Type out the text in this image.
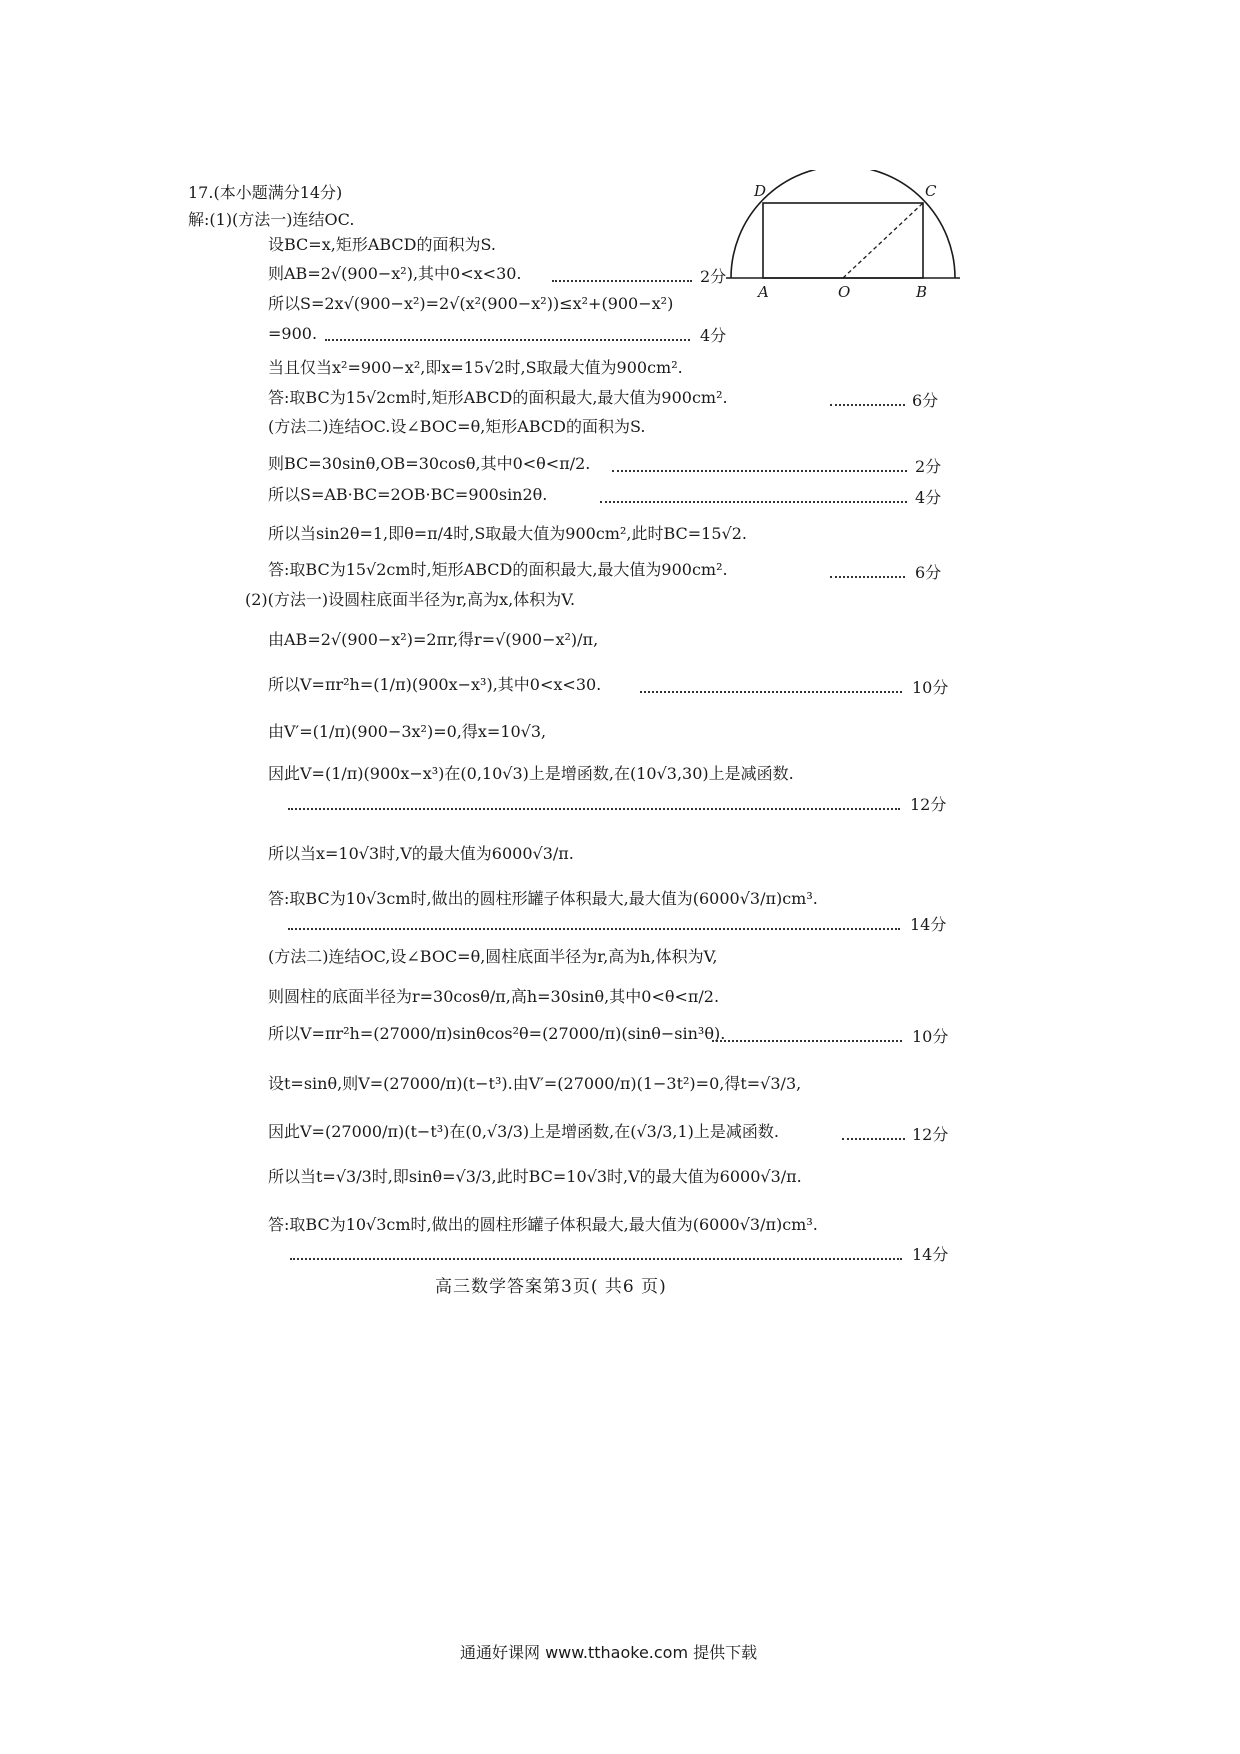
17.(本小题满分14分)
解:(1)(方法一)连结OC.
D	C
A	O	B
设BC=x,矩形ABCD的面积为S.
则AB=2√(900−x²),其中0<x<30.	2分
所以S=2x√(900−x²)=2√(x²(900−x²))≤x²+(900−x²)
=900.	4分
当且仅当x²=900−x²,即x=15√2时,S取最大值为900cm².
答:取BC为15√2cm时,矩形ABCD的面积最大,最大值为900cm².	6分
(方法二)连结OC.设∠BOC=θ,矩形ABCD的面积为S.
则BC=30sinθ,OB=30cosθ,其中0<θ<π/2.	2分
所以S=AB·BC=2OB·BC=900sin2θ.	4分
所以当sin2θ=1,即θ=π/4时,S取最大值为900cm²,此时BC=15√2.
答:取BC为15√2cm时,矩形ABCD的面积最大,最大值为900cm².	6分
(2)(方法一)设圆柱底面半径为r,高为x,体积为V.
由AB=2√(900−x²)=2πr,得r=√(900−x²)/π,
所以V=πr²h=(1/π)(900x−x³),其中0<x<30.	10分
由V′=(1/π)(900−3x²)=0,得x=10√3,
因此V=(1/π)(900x−x³)在(0,10√3)上是增函数,在(10√3,30)上是减函数.
12分
所以当x=10√3时,V的最大值为6000√3/π.
答:取BC为10√3cm时,做出的圆柱形罐子体积最大,最大值为(6000√3/π)cm³.
14分
(方法二)连结OC,设∠BOC=θ,圆柱底面半径为r,高为h,体积为V,
则圆柱的底面半径为r=30cosθ/π,高h=30sinθ,其中0<θ<π/2.
所以V=πr²h=(27000/π)sinθcos²θ=(27000/π)(sinθ−sin³θ).	10分
设t=sinθ,则V=(27000/π)(t−t³).由V′=(27000/π)(1−3t²)=0,得t=√3/3,
因此V=(27000/π)(t−t³)在(0,√3/3)上是增函数,在(√3/3,1)上是减函数.	12分
所以当t=√3/3时,即sinθ=√3/3,此时BC=10√3时,V的最大值为6000√3/π.
答:取BC为10√3cm时,做出的圆柱形罐子体积最大,最大值为(6000√3/π)cm³.
14分
高三数学答案第3页( 共6 页)
通通好课网 www.tthaoke.com 提供下载
